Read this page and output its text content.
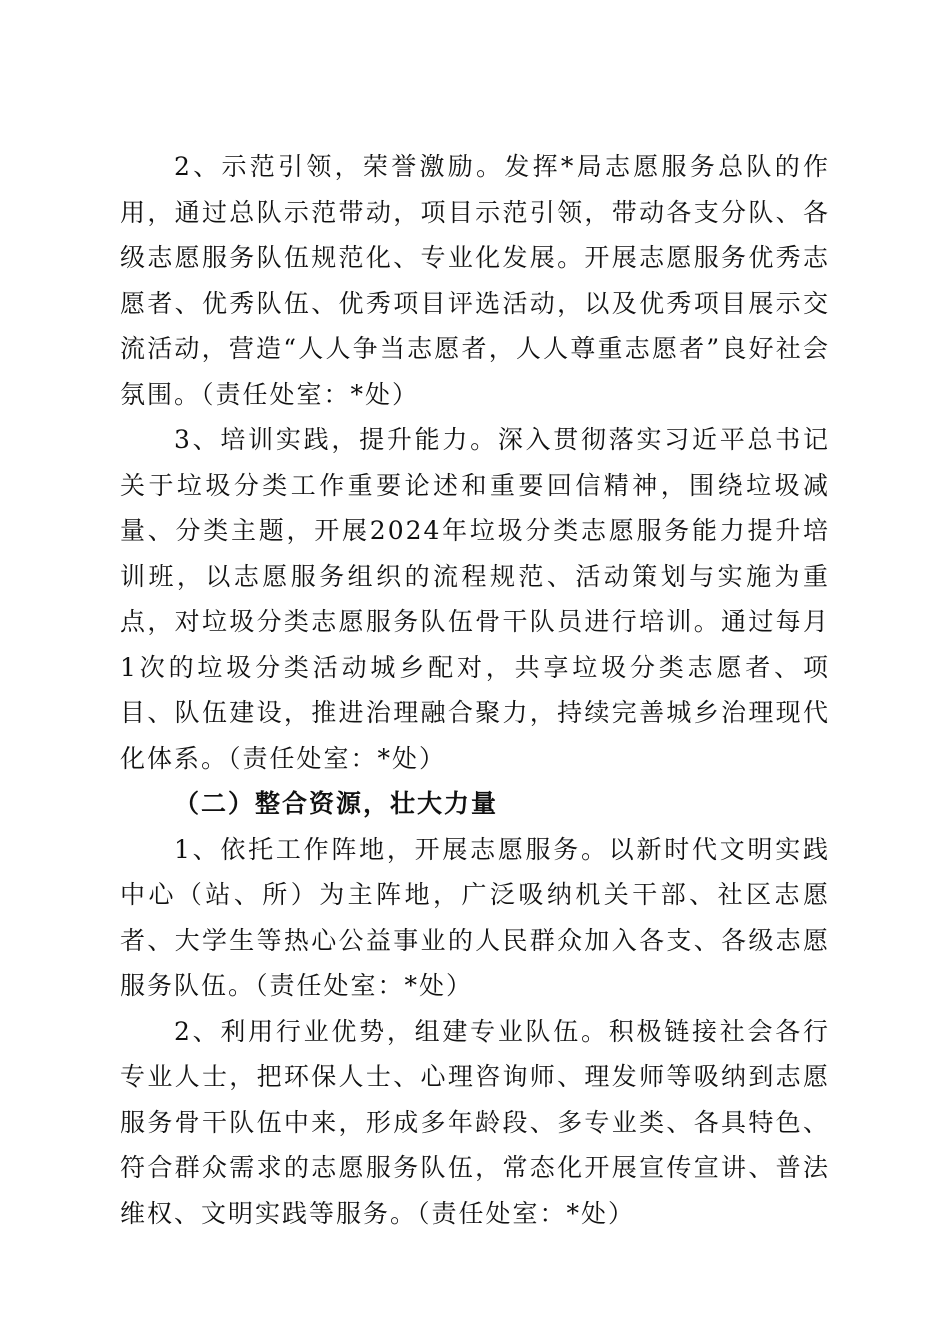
2、示范引领，荣誉激励。发挥*局志愿服务总队的作用，通过总队示范带动，项目示范引领，带动各支分队、各级志愿服务队伍规范化、专业化发展。开展志愿服务优秀志愿者、优秀队伍、优秀项目评选活动，以及优秀项目展示交流活动，营造“人人争当志愿者，人人尊重志愿者”良好社会氛围。（责任处室：*处）

3、培训实践，提升能力。深入贯彻落实习近平总书记关于垃圾分类工作重要论述和重要回信精神，围绕垃圾减量、分类主题，开展2024年垃圾分类志愿服务能力提升培训班，以志愿服务组织的流程规范、活动策划与实施为重点，对垃圾分类志愿服务队伍骨干队员进行培训。通过每月1次的垃圾分类活动城乡配对，共享垃圾分类志愿者、项目、队伍建设，推进治理融合聚力，持续完善城乡治理现代化体系。（责任处室：*处）

（二）整合资源，壮大力量

1、依托工作阵地，开展志愿服务。以新时代文明实践中心（站、所）为主阵地，广泛吸纳机关干部、社区志愿者、大学生等热心公益事业的人民群众加入各支、各级志愿服务队伍。（责任处室：*处）

2、利用行业优势，组建专业队伍。积极链接社会各行专业人士，把环保人士、心理咨询师、理发师等吸纳到志愿服务骨干队伍中来，形成多年龄段、多专业类、各具特色、符合群众需求的志愿服务队伍，常态化开展宣传宣讲、普法维权、文明实践等服务。（责任处室：*处）
